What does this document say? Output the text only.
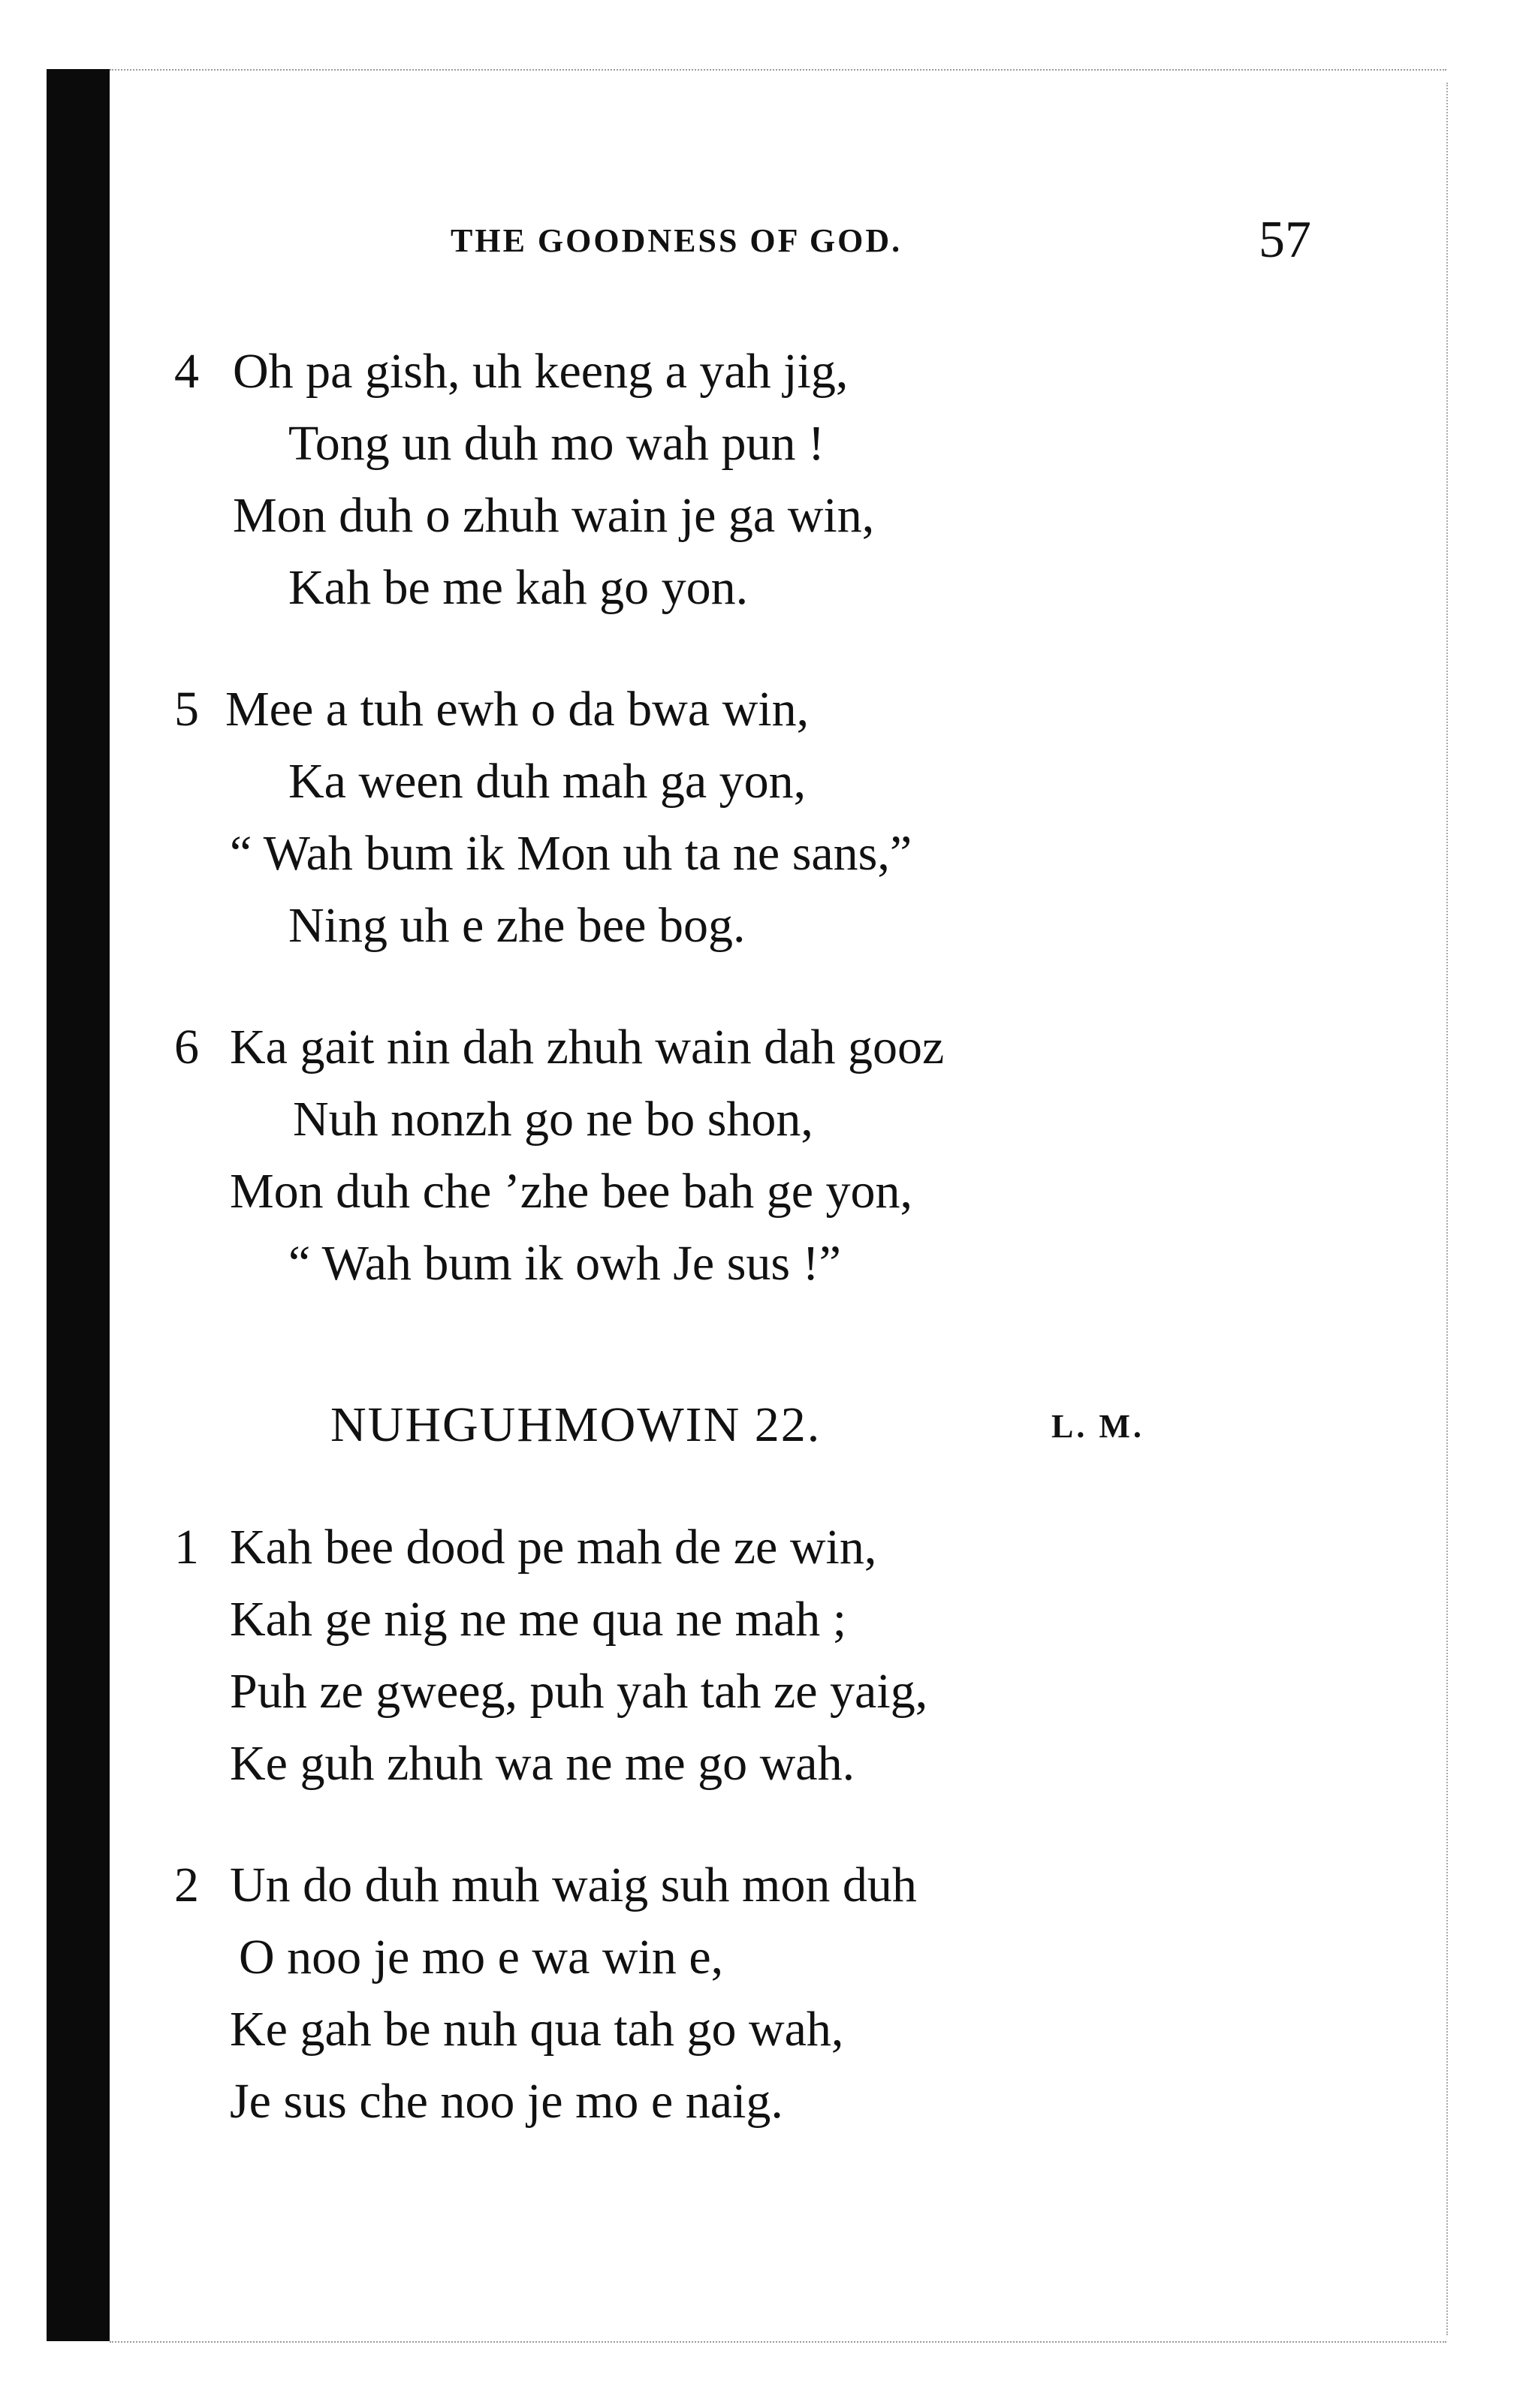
THE GOODNESS OF GOD.	57
4 Oh pa gish, uh keeng a yah jig,
Tong un duh mo wah pun !
Mon duh o zhuh wain je ga win,
Kah be me kah go yon.
5 Mee a tuh ewh o da bwa win,
Ka ween duh mah ga yon,
“ Wah bum ik Mon uh ta ne sans,”
Ning uh e zhe bee bog.
6 Ka gait nin dah zhuh wain dah gooz
Nuh nonzh go ne bo shon,
Mon duh che ’zhe bee bah ge yon,
“ Wah bum ik owh Je sus !”
NUHGUHMOWIN 22.	L. M.
1 Kah bee dood pe mah de ze win,
Kah ge nig ne me qua ne mah ;
Puh ze gweeg, puh yah tah ze yaig,
Ke guh zhuh wa ne me go wah.
2 Un do duh muh waig suh mon duh
O noo je mo e wa win e,
Ke gah be nuh qua tah go wah,
Je sus che noo je mo e naig.
